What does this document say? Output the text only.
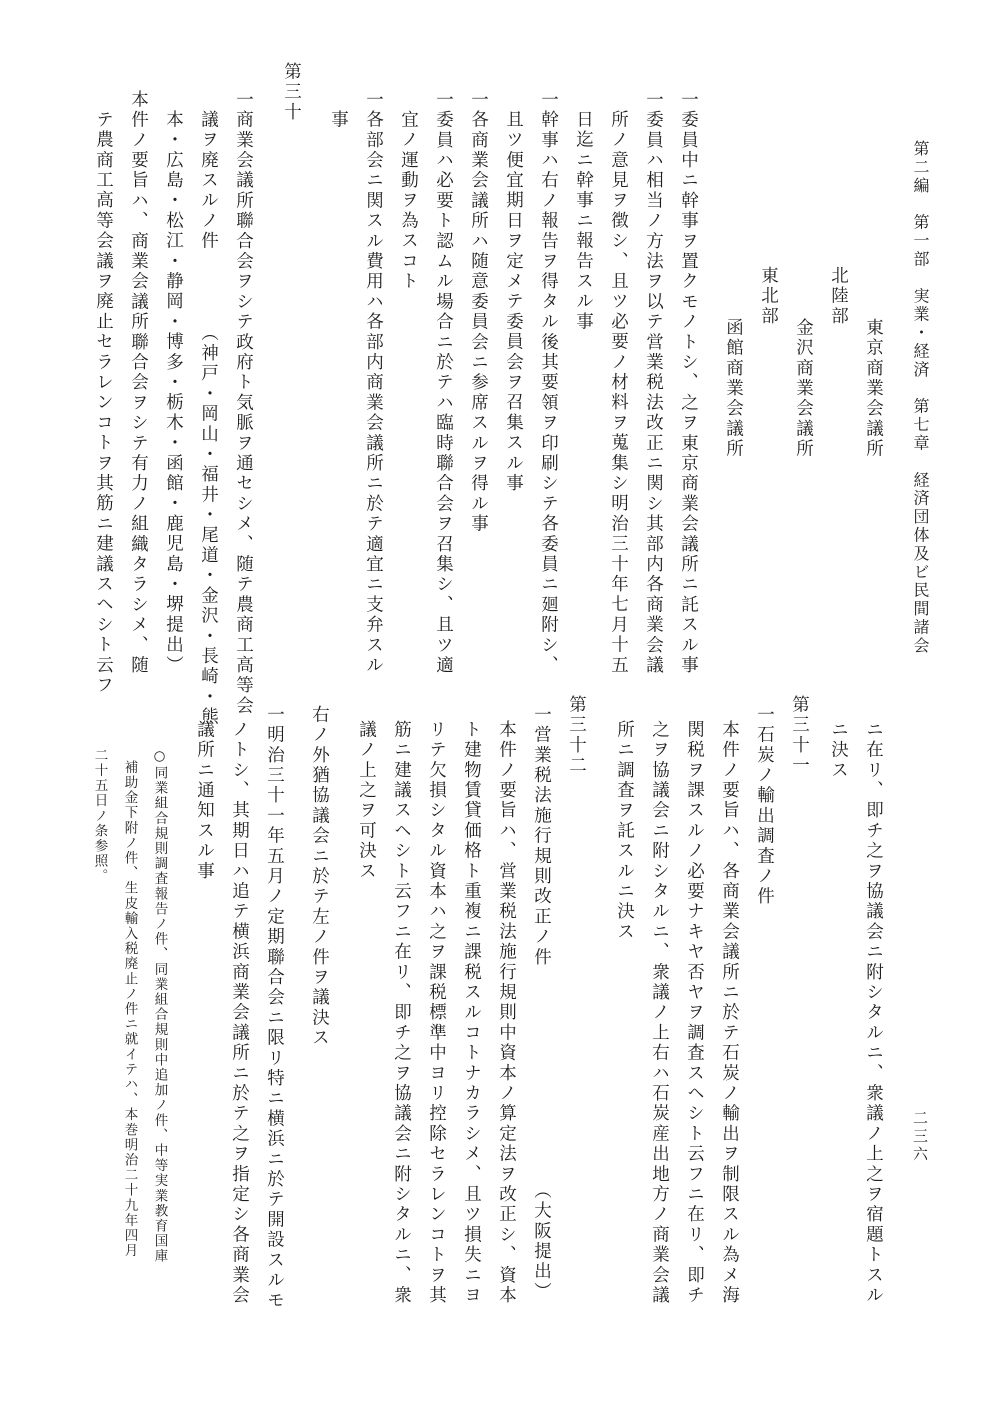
第二編　第一部　実業・経済　第七章　経済団体及ビ民間諸会
二三六
東京商業会議所
北陸部
金沢商業会議所
東北部
函館商業会議所
一委員中ニ幹事ヲ置クモノトシ、之ヲ東京商業会議所ニ託スル事
一委員ハ相当ノ方法ヲ以テ営業税法改正ニ関シ其部内各商業会議
所ノ意見ヲ徴シ、且ツ必要ノ材料ヲ蒐集シ明治三十年七月十五
日迄ニ幹事ニ報告スル事
一幹事ハ右ノ報告ヲ得タル後其要領ヲ印刷シテ各委員ニ廻附シ、
且ツ便宜期日ヲ定メテ委員会ヲ召集スル事
一各商業会議所ハ随意委員会ニ参席スルヲ得ル事
一委員ハ必要ト認ムル場合ニ於テハ臨時聯合会ヲ召集シ、且ツ適
宜ノ運動ヲ為スコト
一各部会ニ関スル費用ハ各部内商業会議所ニ於テ適宜ニ支弁スル
事
第三十
一商業会議所聯合会ヲシテ政府ト気脈ヲ通セシメ、随テ農商工高等会
議ヲ廃スルノ件　　　　（神戸・岡山・福井・尾道・金沢・長崎・熊
本・広島・松江・静岡・博多・栃木・函館・鹿児島・堺提出）
本件ノ要旨ハ、商業会議所聯合会ヲシテ有力ノ組織タラシメ、随
テ農商工高等会議ヲ廃止セラレンコトヲ其筋ニ建議スヘシト云フ
ニ在リ、即チ之ヲ協議会ニ附シタルニ、衆議ノ上之ヲ宿題トスル
ニ決ス
第三十一
一石炭ノ輸出調査ノ件
本件ノ要旨ハ、各商業会議所ニ於テ石炭ノ輸出ヲ制限スル為メ海
関税ヲ課スルノ必要ナキヤ否ヤヲ調査スヘシト云フニ在リ、即チ
之ヲ協議会ニ附シタルニ、衆議ノ上右ハ石炭産出地方ノ商業会議
所ニ調査ヲ託スルニ決ス
第三十二
一営業税法施行規則改正ノ件　　　　　　　　　　　（大阪提出）
本件ノ要旨ハ、営業税法施行規則中資本ノ算定法ヲ改正シ、資本
ト建物賃貸価格ト重複ニ課税スルコトナカラシメ、且ツ損失ニヨ
リテ欠損シタル資本ハ之ヲ課税標準中ヨリ控除セラレンコトヲ其
筋ニ建議スヘシト云フニ在リ、即チ之ヲ協議会ニ附シタルニ、衆
議ノ上之ヲ可決ス
右ノ外猶協議会ニ於テ左ノ件ヲ議決ス
一明治三十一年五月ノ定期聯合会ニ限リ特ニ横浜ニ於テ開設スルモ
ノトシ、其期日ハ追テ横浜商業会議所ニ於テ之ヲ指定シ各商業会
議所ニ通知スル事
○同業組合規則調査報告ノ件、同業組合規則中追加ノ件、中等実業教育国庫
補助金下附ノ件、生皮輸入税廃止ノ件ニ就イテハ、本巻明治二十九年四月
二十五日ノ条参照。
